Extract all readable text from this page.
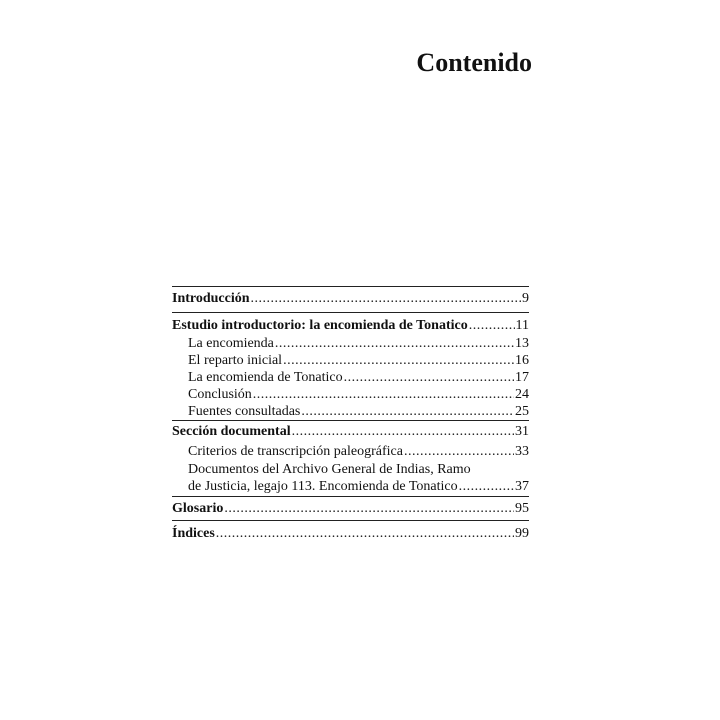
Contenido
Introducción .....	9
Estudio introductorio: la encomienda de Tonatico .....	11
La encomienda .....	13
El reparto inicial .....	16
La encomienda de Tonatico .....	17
Conclusión .....	24
Fuentes consultadas .....	25
Sección documental .....	31
Criterios de transcripción paleográfica .....	33
Documentos del Archivo General de Indias, Ramo
de Justicia, legajo 113. Encomienda de Tonatico .....	37
Glosario .....	95
Índices .....	99
